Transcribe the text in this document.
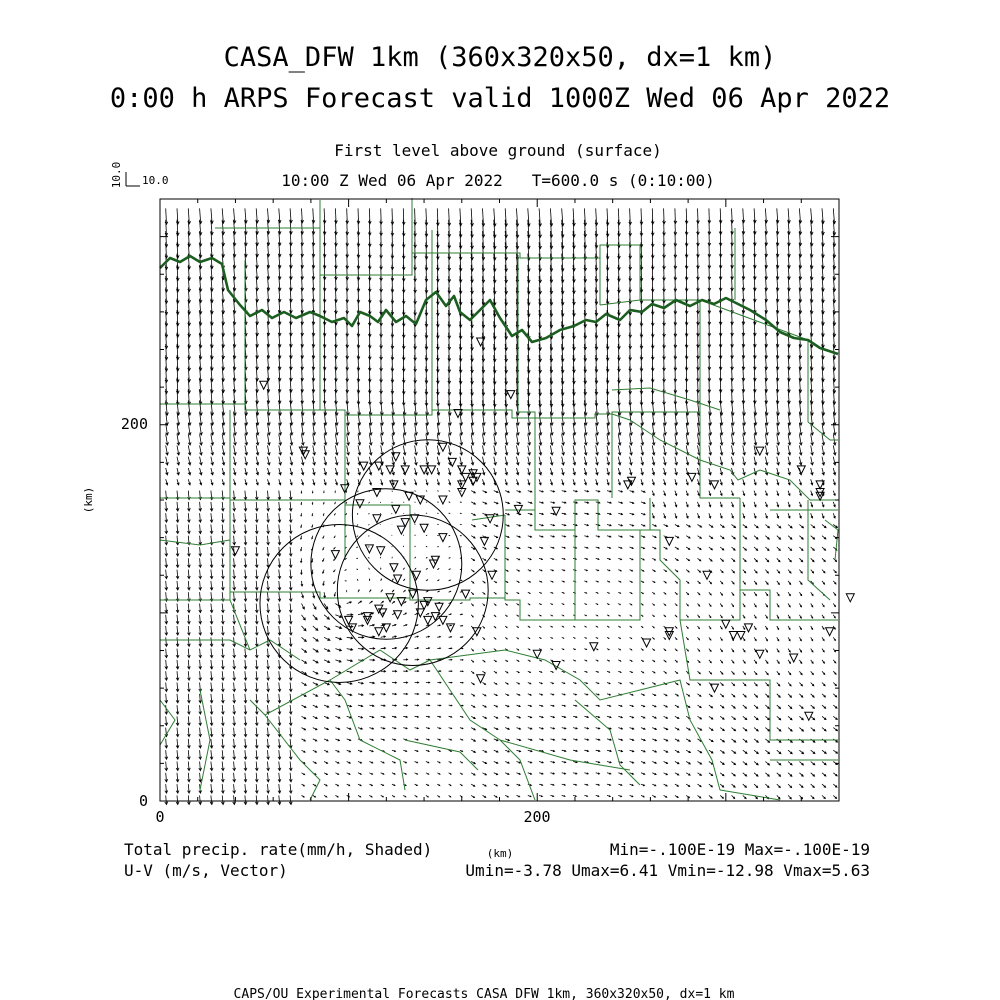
CASA_DFW 1km (360x320x50, dx=1 km)
0:00 h ARPS Forecast valid 1000Z Wed 06 Apr 2022
First level above ground (surface)
10:00 Z Wed 06 Apr 2022   T=600.0 s (0:10:00)
0	200
0
200
(km)
(km)
10.0
10.0
Total precip. rate(mm/h, Shaded)	Min=-.100E-19 Max=-.100E-19
U-V (m/s, Vector)	Umin=-3.78 Umax=6.41 Vmin=-12.98 Vmax=5.63
CAPS/OU Experimental Forecasts CASA DFW 1km, 360x320x50, dx=1 km
